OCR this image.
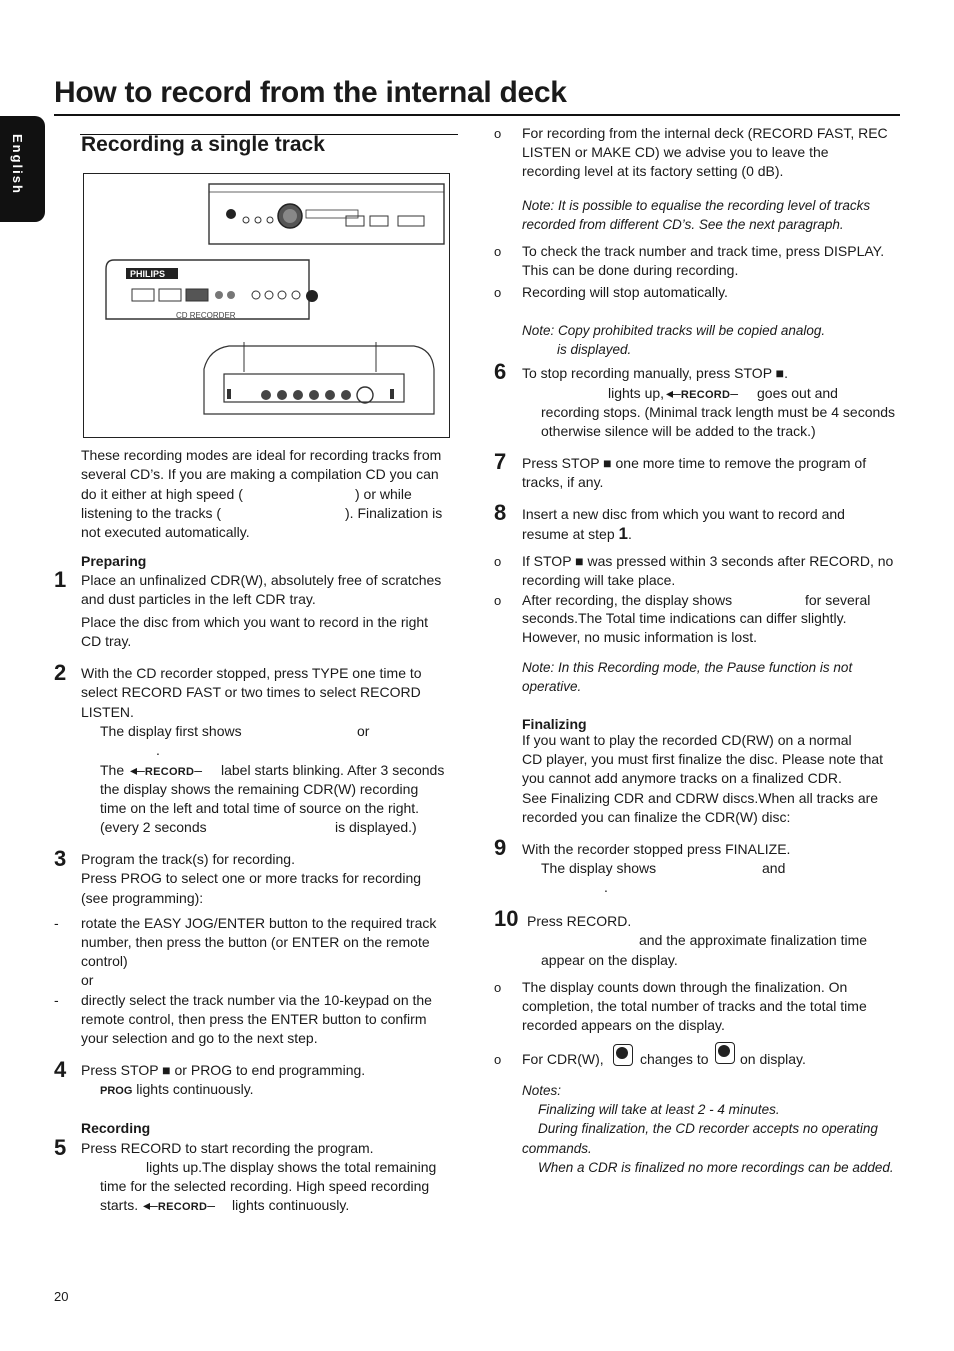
How to record from the internal deck
English	Recording a single track
PHILIPS
CD RECORDER
These recording modes are ideal for recording tracks from
several CD’s. If you are making a compilation CD you can
do it either at high speed (	) or while
listening to the tracks (	). Finalization is
not executed automatically.
Preparing
1 Place an unfinalized CDR(W), absolutely free of scratches
and dust particles in the left CDR tray.
Place the disc from which you want to record in the right
CD tray.
2 With the CD recorder stopped, press TYPE one time to
select RECORD FAST or two times to select RECORD
LISTEN.
The display first shows	or
.
The ◂–RECORD– label starts blinking. After 3 seconds
the display shows the remaining CDR(W) recording
time on the left and total time of source on the right.
(every 2 seconds	is displayed.)
3 Program the track(s) for recording.
Press PROG to select one or more tracks for recording
(see programming):
- rotate the EASY JOG/ENTER button to the required track
number, then press the button (or ENTER on the remote
control)
or
- directly select the track number via the 10-keypad on the
remote control, then press the ENTER button to confirm
your selection and go to the next step.
4 Press STOP ■ or PROG to end programming.
PROG lights continuously.
Recording
5 Press RECORD to start recording the program.
lights up.The display shows the total remaining
time for the selected recording. High speed recording
starts. ◂–RECORD– lights continuously.
o For recording from the internal deck (RECORD FAST, REC
LISTEN or MAKE CD) we advise you to leave the
recording level at its factory setting (0 dB).
Note: It is possible to equalise the recording level of tracks
recorded from different CD’s. See the next paragraph.
o To check the track number and track time, press DISPLAY.
This can be done during recording.
o Recording will stop automatically.
Note: Copy prohibited tracks will be copied analog.
is displayed.
6 To stop recording manually, press STOP ■.
lights up, ◂–RECORD– goes out and
recording stops. (Minimal track length must be 4 seconds
otherwise silence will be added to the track.)
7 Press STOP ■ one more time to remove the program of
tracks, if any.
8 Insert a new disc from which you want to record and
resume at step 1.
o If STOP ■ was pressed within 3 seconds after RECORD, no
recording will take place.
o After recording, the display shows	for several
seconds.The Total time indications can differ slightly.
However, no music information is lost.
Note: In this Recording mode, the Pause function is not
operative.
Finalizing
If you want to play the recorded CD(RW) on a normal
CD player, you must first finalize the disc. Please note that
you cannot add anymore tracks on a finalized CDR.
See Finalizing CDR and CDRW discs.When all tracks are
recorded you can finalize the CDR(W) disc:
9 With the recorder stopped press FINALIZE.
The display shows	and
.
10 Press RECORD.
and the approximate finalization time
appear on the display.
o The display counts down through the finalization. On
completion, the total number of tracks and the total time
recorded appears on the display.
o For CDR(W),	changes to on display.
Notes:
Finalizing will take at least 2 - 4 minutes.
During finalization, the CD recorder accepts no operating
commands.
When a CDR is finalized no more recordings can be added.
20
